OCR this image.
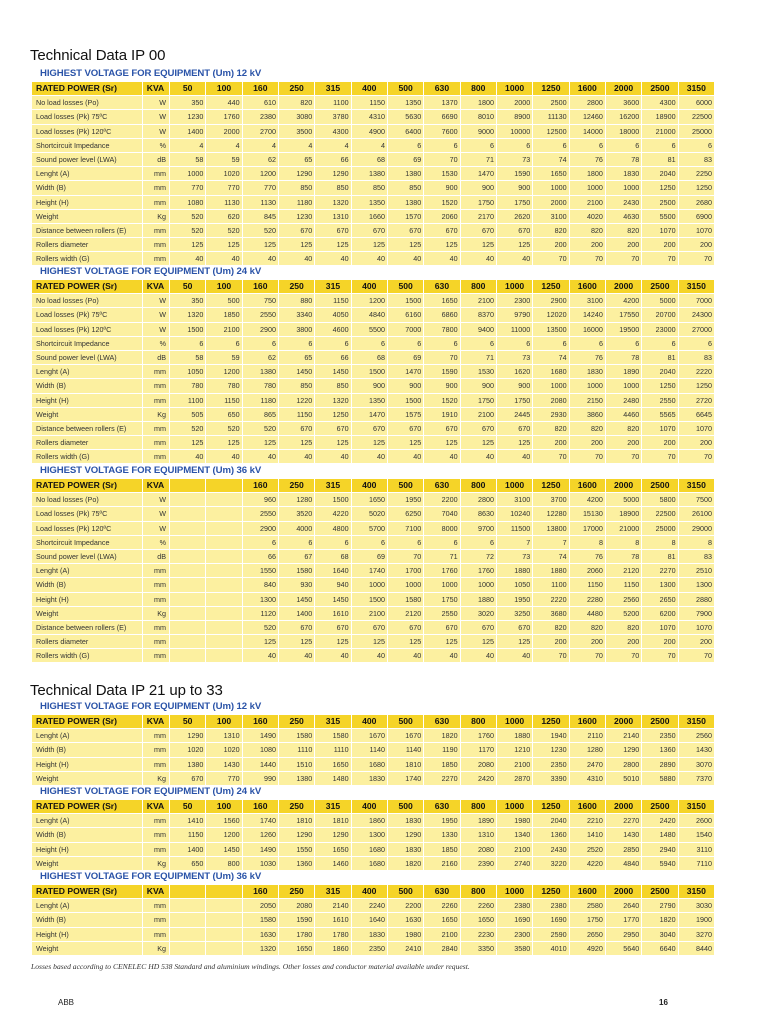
Technical Data IP 00
HIGHEST VOLTAGE FOR EQUIPMENT (Um) 12 kV
RATED POWER (Sr)	KVA	50	100	160	250	315	400	500	630	800	1000	1250	1600	2000	2500	3150
No load losses (Po)	W	350	440	610	820	1100	1150	1350	1370	1800	2000	2500	2800	3600	4300	6000
Load losses (Pk) 75ºC	W	1230	1760	2380	3080	3780	4310	5630	6690	8010	8900	11130	12460	16200	18900	22500
Load losses (Pk) 120ºC	W	1400	2000	2700	3500	4300	4900	6400	7600	9000	10000	12500	14000	18000	21000	25000
Shortcircuit Impedance	%	4	4	4	4	4	4	6	6	6	6	6	6	6	6	6
Sound power level (LWA)	dB	58	59	62	65	66	68	69	70	71	73	74	76	78	81	83
Lenght (A)	mm	1000	1020	1200	1290	1290	1380	1380	1530	1470	1590	1650	1800	1830	2040	2250
Width (B)	mm	770	770	770	850	850	850	850	900	900	900	1000	1000	1000	1250	1250
Height (H)	mm	1080	1130	1130	1180	1320	1350	1380	1520	1750	1750	2000	2100	2430	2500	2680
Weight	Kg	520	620	845	1230	1310	1660	1570	2060	2170	2620	3100	4020	4630	5500	6900
Distance between rollers (E)	mm	520	520	520	670	670	670	670	670	670	670	820	820	820	1070	1070
Rollers diameter	mm	125	125	125	125	125	125	125	125	125	125	200	200	200	200	200
Rollers width (G)	mm	40	40	40	40	40	40	40	40	40	40	70	70	70	70	70
HIGHEST VOLTAGE FOR EQUIPMENT (Um) 24 kV
RATED POWER (Sr)	KVA	50	100	160	250	315	400	500	630	800	1000	1250	1600	2000	2500	3150
No load losses (Po)	W	350	500	750	880	1150	1200	1500	1650	2100	2300	2900	3100	4200	5000	7000
Load losses (Pk) 75ºC	W	1320	1850	2550	3340	4050	4840	6160	6860	8370	9790	12020	14240	17550	20700	24300
Load losses (Pk) 120ºC	W	1500	2100	2900	3800	4600	5500	7000	7800	9400	11000	13500	16000	19500	23000	27000
Shortcircuit Impedance	%	6	6	6	6	6	6	6	6	6	6	6	6	6	6	6
Sound power level (LWA)	dB	58	59	62	65	66	68	69	70	71	73	74	76	78	81	83
Lenght (A)	mm	1050	1200	1380	1450	1450	1500	1470	1590	1530	1620	1680	1830	1890	2040	2220
Width (B)	mm	780	780	780	850	850	900	900	900	900	900	1000	1000	1000	1250	1250
Height (H)	mm	1100	1150	1180	1220	1320	1350	1500	1520	1750	1750	2080	2150	2480	2550	2720
Weight	Kg	505	650	865	1150	1250	1470	1575	1910	2100	2445	2930	3860	4460	5565	6645
Distance between rollers (E)	mm	520	520	520	670	670	670	670	670	670	670	820	820	820	1070	1070
Rollers diameter	mm	125	125	125	125	125	125	125	125	125	125	200	200	200	200	200
Rollers width (G)	mm	40	40	40	40	40	40	40	40	40	40	70	70	70	70	70
HIGHEST VOLTAGE FOR EQUIPMENT (Um) 36 kV
RATED POWER (Sr)	KVA			160	250	315	400	500	630	800	1000	1250	1600	2000	2500	3150
No load losses (Po)	W			960	1280	1500	1650	1950	2200	2800	3100	3700	4200	5000	5800	7500
Load losses (Pk) 75ºC	W			2550	3520	4220	5020	6250	7040	8630	10240	12280	15130	18900	22500	26100
Load losses (Pk) 120ºC	W			2900	4000	4800	5700	7100	8000	9700	11500	13800	17000	21000	25000	29000
Shortcircuit Impedance	%			6	6	6	6	6	6	6	7	7	8	8	8	8
Sound power level (LWA)	dB			66	67	68	69	70	71	72	73	74	76	78	81	83
Lenght (A)	mm			1550	1580	1640	1740	1700	1760	1760	1880	1880	2060	2120	2270	2510
Width (B)	mm			840	930	940	1000	1000	1000	1000	1050	1100	1150	1150	1300	1300
Height (H)	mm			1300	1450	1450	1500	1580	1750	1880	1950	2220	2280	2560	2650	2880
Weight	Kg			1120	1400	1610	2100	2120	2550	3020	3250	3680	4480	5200	6200	7900
Distance between rollers (E)	mm			520	670	670	670	670	670	670	670	820	820	820	1070	1070
Rollers diameter	mm			125	125	125	125	125	125	125	125	200	200	200	200	200
Rollers width (G)	mm			40	40	40	40	40	40	40	40	70	70	70	70	70
Technical Data IP 21 up to 33
HIGHEST VOLTAGE FOR EQUIPMENT (Um) 12 kV
RATED POWER (Sr)	KVA	50	100	160	250	315	400	500	630	800	1000	1250	1600	2000	2500	3150
Lenght (A)	mm	1290	1310	1490	1580	1580	1670	1670	1820	1760	1880	1940	2110	2140	2350	2560
Width (B)	mm	1020	1020	1080	1110	1110	1140	1140	1190	1170	1210	1230	1280	1290	1360	1430
Height (H)	mm	1380	1430	1440	1510	1650	1680	1810	1850	2080	2100	2350	2470	2800	2890	3070
Weight	Kg	670	770	990	1380	1480	1830	1740	2270	2420	2870	3390	4310	5010	5880	7370
HIGHEST VOLTAGE FOR EQUIPMENT (Um) 24 kV
RATED POWER (Sr)	KVA	50	100	160	250	315	400	500	630	800	1000	1250	1600	2000	2500	3150
Lenght (A)	mm	1410	1560	1740	1810	1810	1860	1830	1950	1890	1980	2040	2210	2270	2420	2600
Width (B)	mm	1150	1200	1260	1290	1290	1300	1290	1330	1310	1340	1360	1410	1430	1480	1540
Height (H)	mm	1400	1450	1490	1550	1650	1680	1830	1850	2080	2100	2430	2520	2850	2940	3110
Weight	Kg	650	800	1030	1360	1460	1680	1820	2160	2390	2740	3220	4220	4840	5940	7110
HIGHEST VOLTAGE FOR EQUIPMENT (Um) 36 kV
RATED POWER (Sr)	KVA			160	250	315	400	500	630	800	1000	1250	1600	2000	2500	3150
Lenght (A)	mm			2050	2080	2140	2240	2200	2260	2260	2380	2380	2580	2640	2790	3030
Width (B)	mm			1580	1590	1610	1640	1630	1650	1650	1690	1690	1750	1770	1820	1900
Height (H)	mm			1630	1780	1780	1830	1980	2100	2230	2300	2590	2650	2950	3040	3270
Weight	Kg			1320	1650	1860	2350	2410	2840	3350	3580	4010	4920	5640	6640	8440
Losses based according to CENELEC HD 538 Standard and aluminium windings. Other losses and conductor material available under request.
ABB	16
